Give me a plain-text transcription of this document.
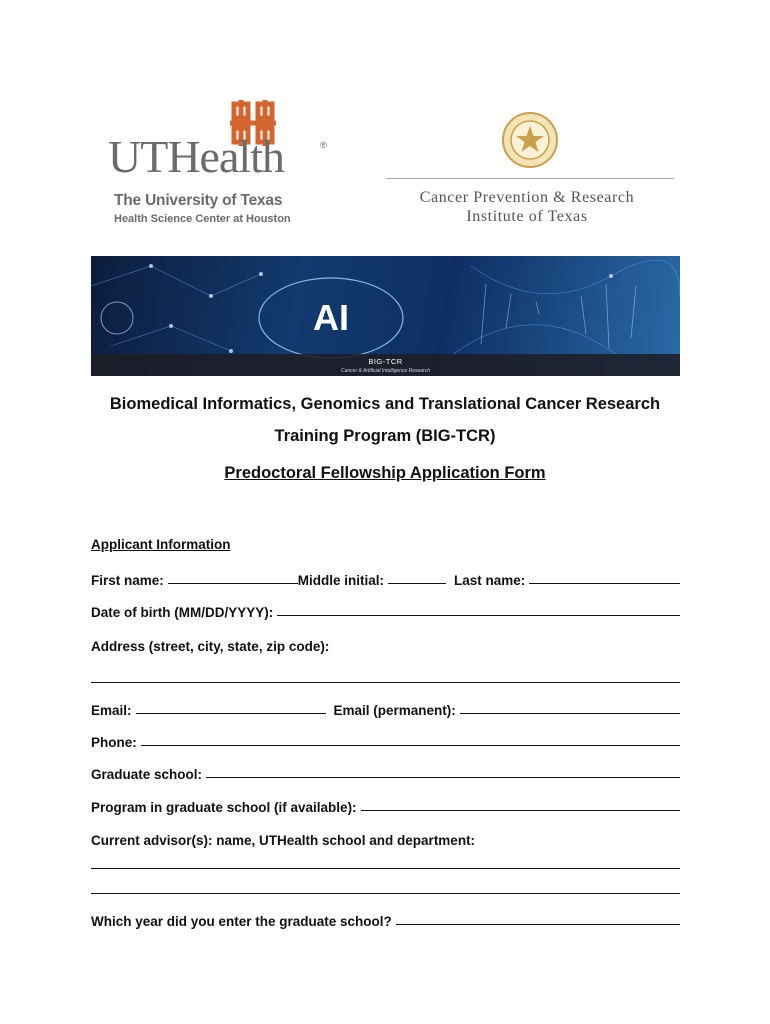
UTHealth	®
The University of Texas
Health Science Center at Houston
Cancer Prevention & Research
Institute of Texas
AI
BIG-TCR
Cancer & Artificial Intelligence Research
Biomedical Informatics, Genomics and Translational Cancer Research
Training Program (BIG-TCR)
Predoctoral Fellowship Application Form
Applicant Information
First name:	Middle initial:	Last name:
Date of birth (MM/DD/YYYY):
Address (street, city, state, zip code):
Email:	Email (permanent):
Phone:
Graduate school:
Program in graduate school (if available):
Current advisor(s): name, UTHealth school and department:
Which year did you enter the graduate school?
